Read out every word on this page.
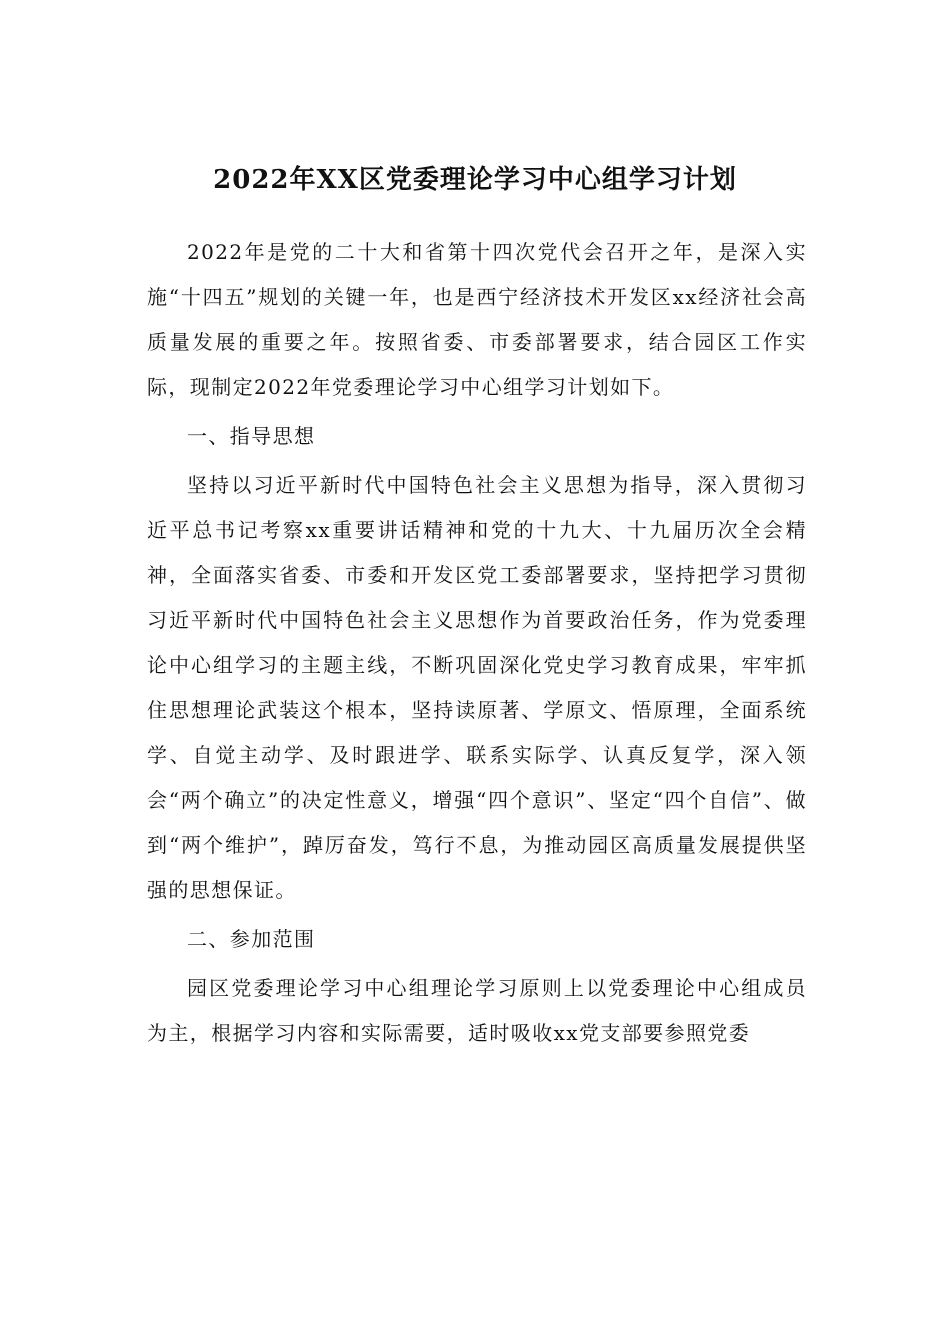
2022年XX区党委理论学习中心组学习计划

2022年是党的二十大和省第十四次党代会召开之年，是深入实施“十四五”规划的关键一年，也是西宁经济技术开发区xx经济社会高质量发展的重要之年。按照省委、市委部署要求，结合园区工作实际，现制定2022年党委理论学习中心组学习计划如下。

一、指导思想

坚持以习近平新时代中国特色社会主义思想为指导，深入贯彻习近平总书记考察xx重要讲话精神和党的十九大、十九届历次全会精神，全面落实省委、市委和开发区党工委部署要求，坚持把学习贯彻习近平新时代中国特色社会主义思想作为首要政治任务，作为党委理论中心组学习的主题主线，不断巩固深化党史学习教育成果，牢牢抓住思想理论武装这个根本，坚持读原著、学原文、悟原理，全面系统学、自觉主动学、及时跟进学、联系实际学、认真反复学，深入领会“两个确立”的决定性意义，增强“四个意识”、坚定“四个自信”、做到“两个维护”，踔厉奋发，笃行不息，为推动园区高质量发展提供坚强的思想保证。

二、参加范围

园区党委理论学习中心组理论学习原则上以党委理论中心组成员为主，根据学习内容和实际需要，适时吸收xx党支部要参照党委
